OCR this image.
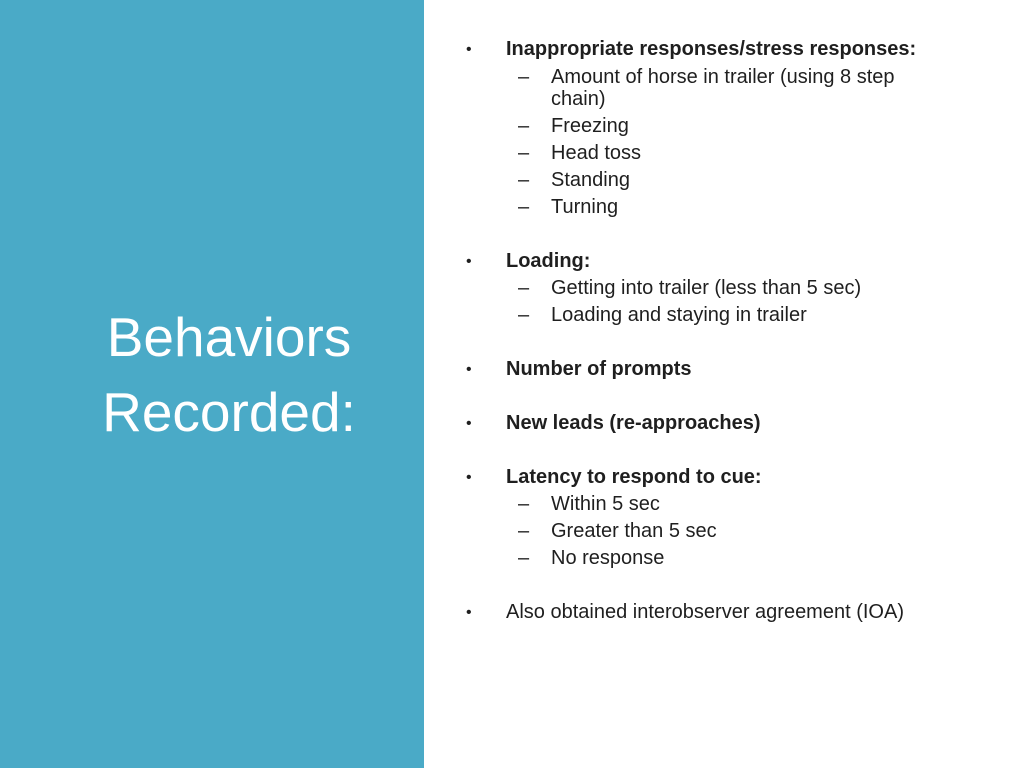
Behaviors
Recorded:
• Inappropriate responses/stress responses:
– Amount of horse in trailer (using 8 step chain)
– Freezing
– Head toss
– Standing
– Turning
• Loading:
– Getting into trailer (less than 5 sec)
– Loading and staying in trailer
• Number of prompts
• New leads (re-approaches)
• Latency to respond to cue:
– Within 5 sec
– Greater than 5 sec
– No response
• Also obtained interobserver agreement (IOA)
